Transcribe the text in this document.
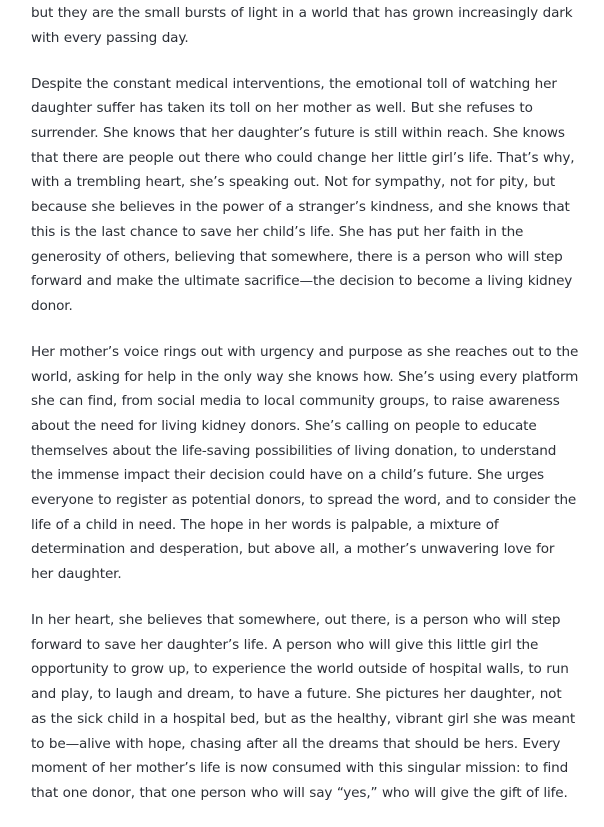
but they are the small bursts of light in a world that has grown increasingly dark with every passing day.

Despite the constant medical interventions, the emotional toll of watching her daughter suffer has taken its toll on her mother as well. But she refuses to surrender. She knows that her daughter’s future is still within reach. She knows that there are people out there who could change her little girl’s life. That’s why, with a trembling heart, she’s speaking out. Not for sympathy, not for pity, but because she believes in the power of a stranger’s kindness, and she knows that this is the last chance to save her child’s life. She has put her faith in the generosity of others, believing that somewhere, there is a person who will step forward and make the ultimate sacrifice—the decision to become a living kidney donor.

Her mother’s voice rings out with urgency and purpose as she reaches out to the world, asking for help in the only way she knows how. She’s using every platform she can find, from social media to local community groups, to raise awareness about the need for living kidney donors. She’s calling on people to educate themselves about the life-saving possibilities of living donation, to understand the immense impact their decision could have on a child’s future. She urges everyone to register as potential donors, to spread the word, and to consider the life of a child in need. The hope in her words is palpable, a mixture of determination and desperation, but above all, a mother’s unwavering love for her daughter.

In her heart, she believes that somewhere, out there, is a person who will step forward to save her daughter’s life. A person who will give this little girl the opportunity to grow up, to experience the world outside of hospital walls, to run and play, to laugh and dream, to have a future. She pictures her daughter, not as the sick child in a hospital bed, but as the healthy, vibrant girl she was meant to be—alive with hope, chasing after all the dreams that should be hers. Every moment of her mother’s life is now consumed with this singular mission: to find that one donor, that one person who will say “yes,” who will give the gift of life.
